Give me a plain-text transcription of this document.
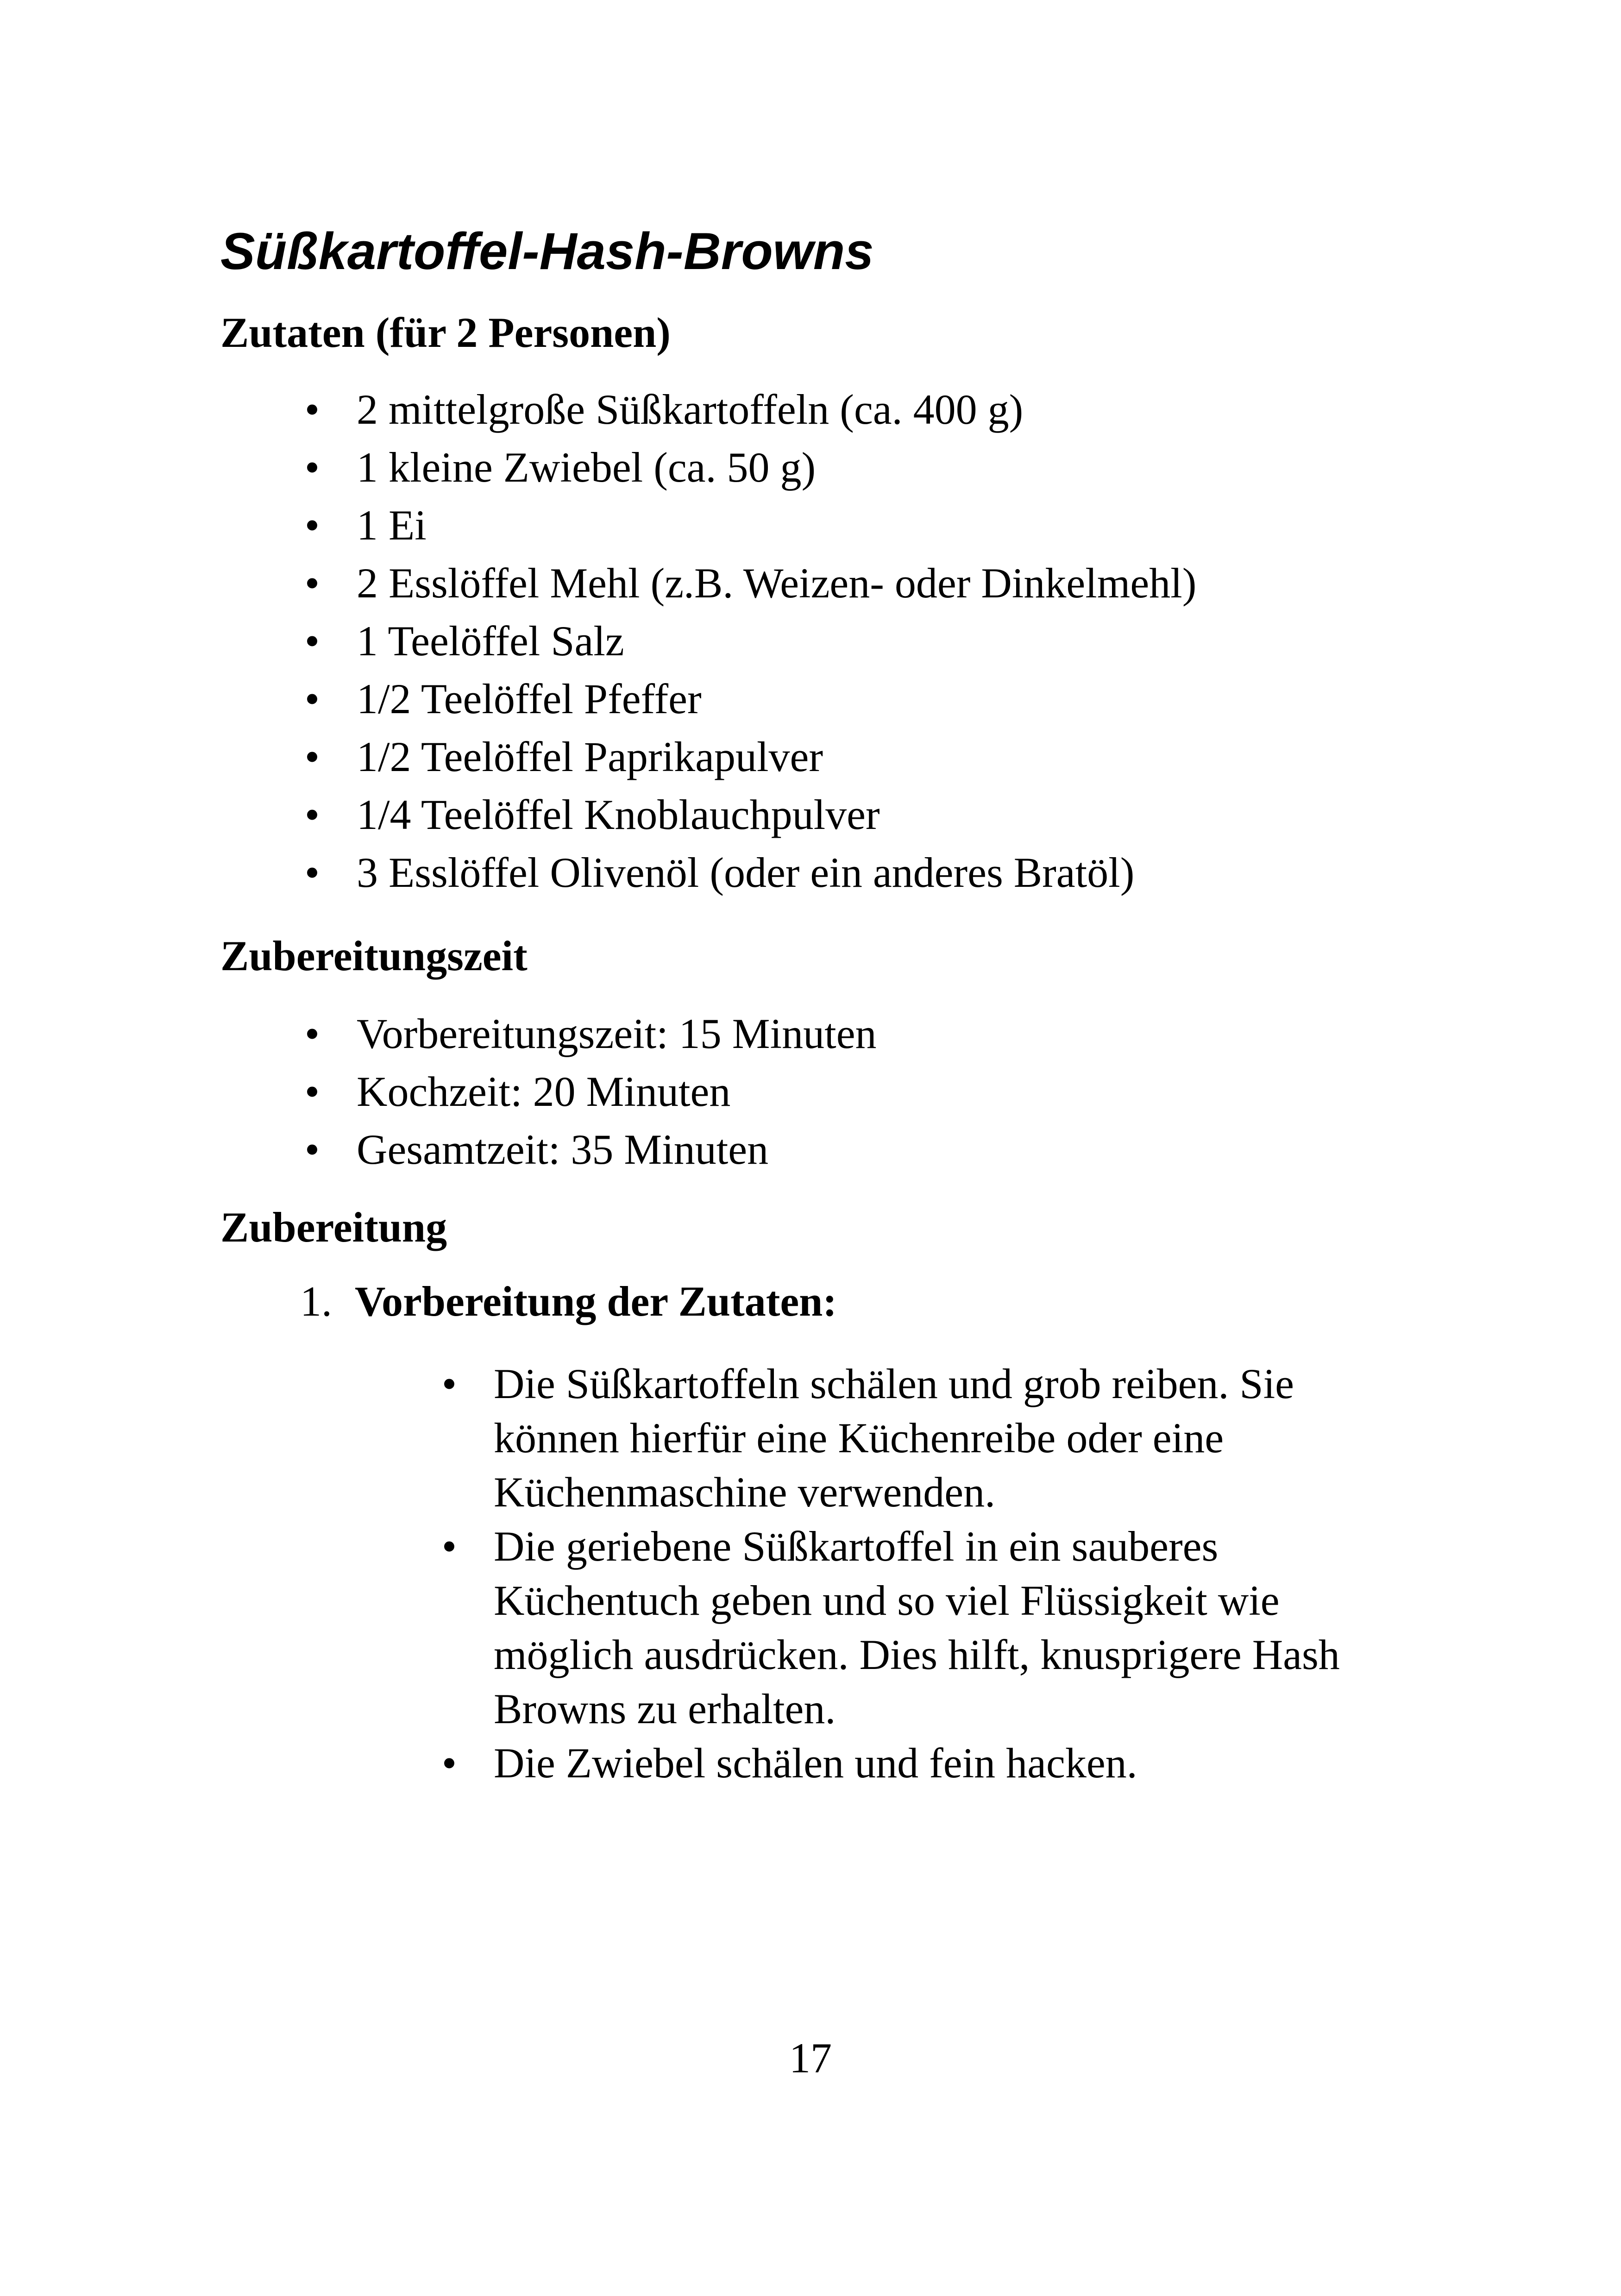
Süßkartoffel-Hash-Browns
Zutaten (für 2 Personen)
• 2 mittelgroße Süßkartoffeln (ca. 400 g)
• 1 kleine Zwiebel (ca. 50 g)
• 1 Ei
• 2 Esslöffel Mehl (z.B. Weizen- oder Dinkelmehl)
• 1 Teelöffel Salz
• 1/2 Teelöffel Pfeffer
• 1/2 Teelöffel Paprikapulver
• 1/4 Teelöffel Knoblauchpulver
• 3 Esslöffel Olivenöl (oder ein anderes Bratöl)
Zubereitungszeit
• Vorbereitungszeit: 15 Minuten
• Kochzeit: 20 Minuten
• Gesamtzeit: 35 Minuten
Zubereitung
1. Vorbereitung der Zutaten:
• Die Süßkartoffeln schälen und grob reiben. Sie können hierfür eine Küchenreibe oder eine Küchenmaschine verwenden.
• Die geriebene Süßkartoffel in ein sauberes Küchentuch geben und so viel Flüssigkeit wie möglich ausdrücken. Dies hilft, knusprigere Hash Browns zu erhalten.
• Die Zwiebel schälen und fein hacken.
17
